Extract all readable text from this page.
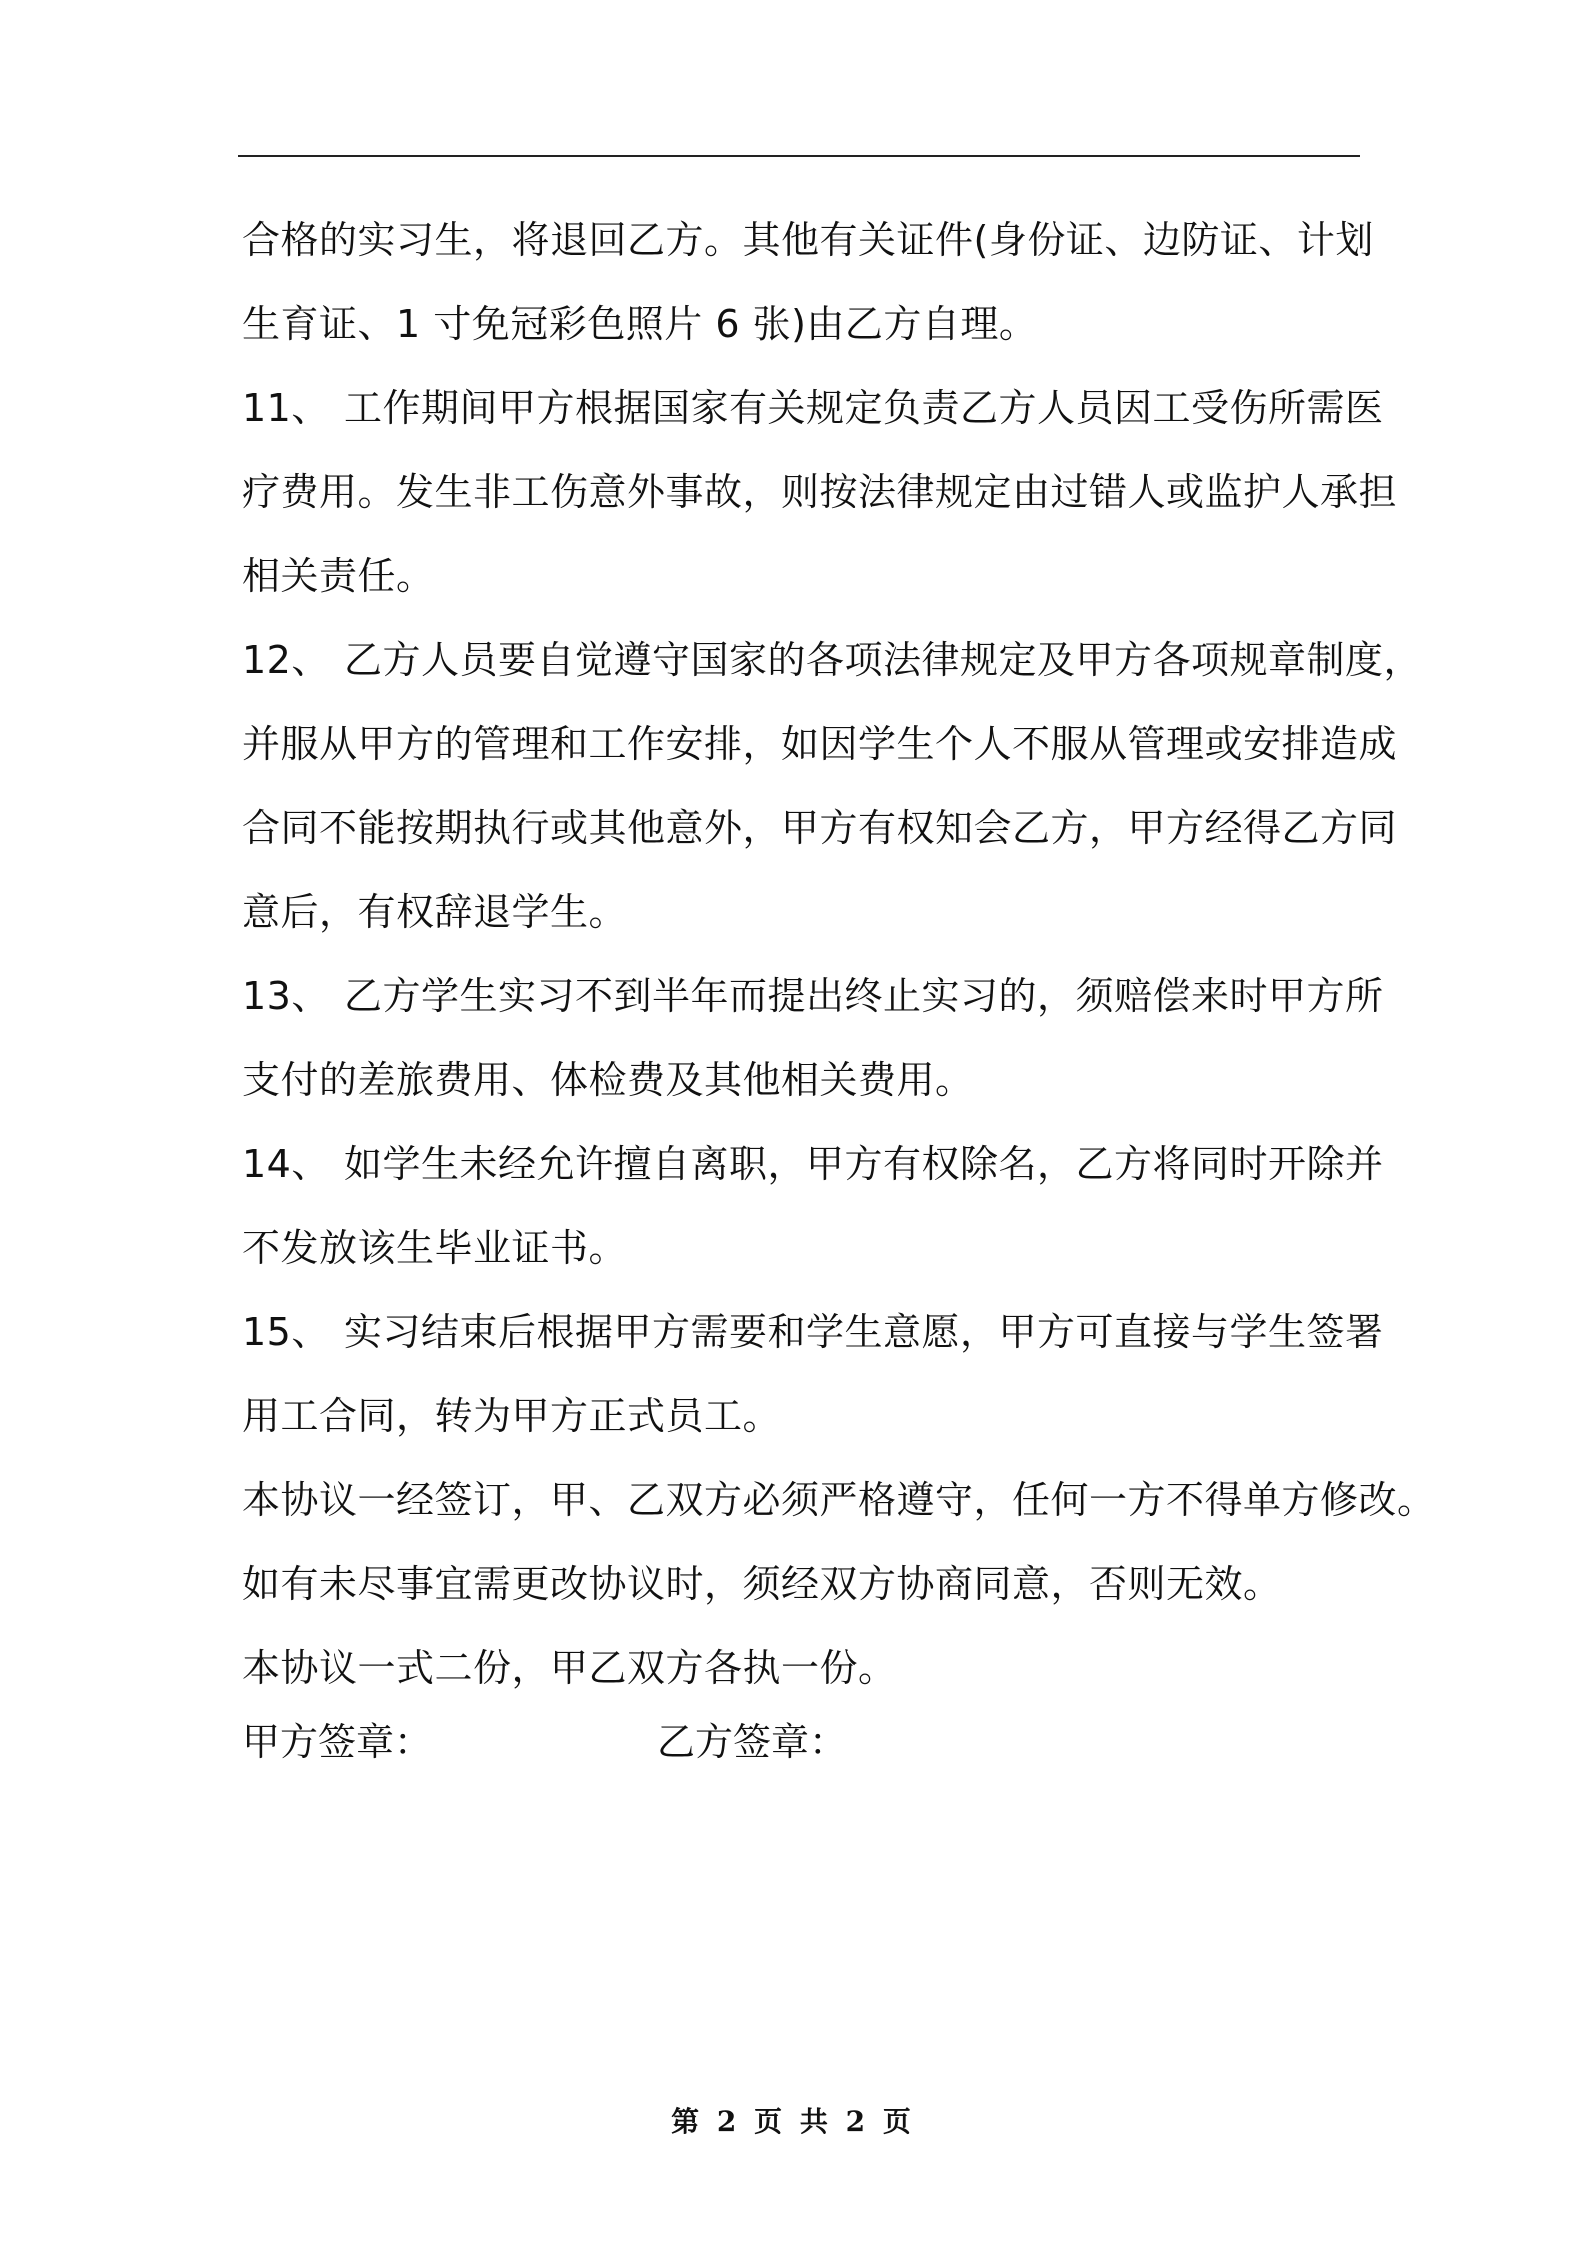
合格的实习生，将退回乙方。其他有关证件(身份证、边防证、计划

生育证、1 寸免冠彩色照片 6 张)由乙方自理。

11、 工作期间甲方根据国家有关规定负责乙方人员因工受伤所需医

疗费用。发生非工伤意外事故，则按法律规定由过错人或监护人承担

相关责任。

12、 乙方人员要自觉遵守国家的各项法律规定及甲方各项规章制度，

并服从甲方的管理和工作安排，如因学生个人不服从管理或安排造成

合同不能按期执行或其他意外，甲方有权知会乙方，甲方经得乙方同

意后，有权辞退学生。

13、 乙方学生实习不到半年而提出终止实习的，须赔偿来时甲方所

支付的差旅费用、体检费及其他相关费用。

14、 如学生未经允许擅自离职，甲方有权除名，乙方将同时开除并

不发放该生毕业证书。

15、 实习结束后根据甲方需要和学生意愿，甲方可直接与学生签署

用工合同，转为甲方正式员工。

本协议一经签订，甲、乙双方必须严格遵守，任何一方不得单方修改。

如有未尽事宜需更改协议时，须经双方协商同意，否则无效。

本协议一式二份，甲乙双方各执一份。

甲方签章：	乙方签章：
第 2 页 共 2 页
